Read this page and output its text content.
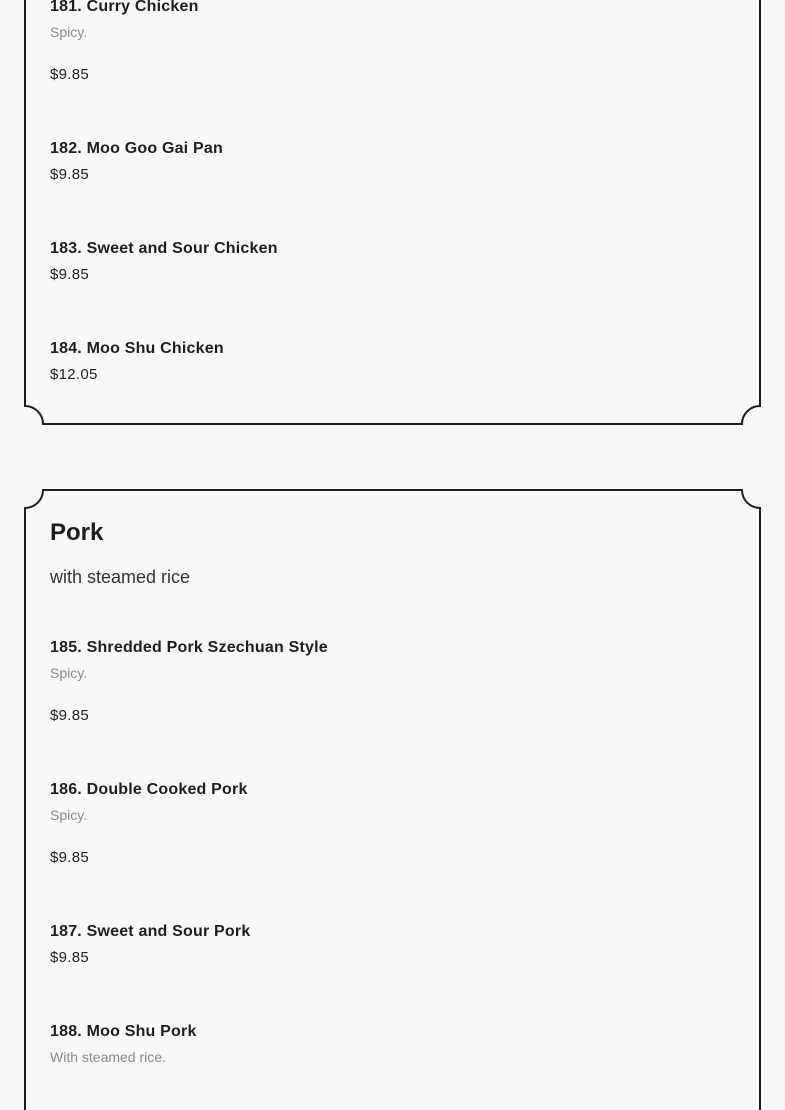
181. Curry Chicken
Spicy.
$9.85
182. Moo Goo Gai Pan
$9.85
183. Sweet and Sour Chicken
$9.85
184. Moo Shu Chicken
$12.05
Pork
with steamed rice
185. Shredded Pork Szechuan Style
Spicy.
$9.85
186. Double Cooked Pork
Spicy.
$9.85
187. Sweet and Sour Pork
$9.85
188. Moo Shu Pork
With steamed rice.
